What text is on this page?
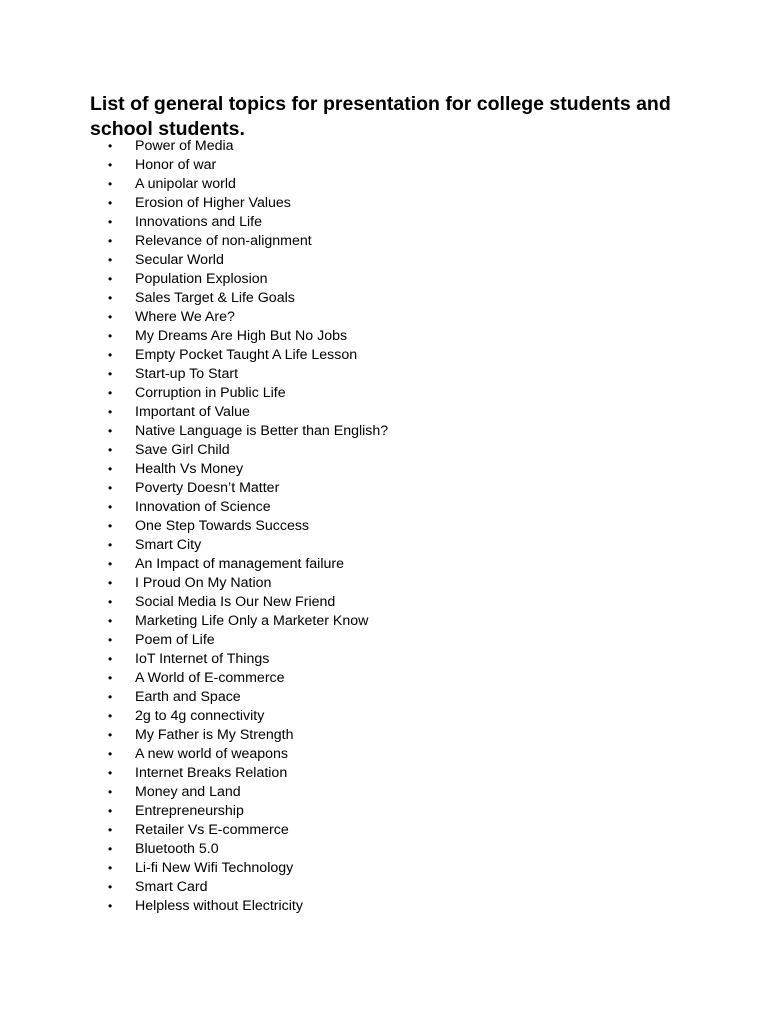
List of general topics for presentation for college students and school students.
• Power of Media
• Honor of war
• A unipolar world
• Erosion of Higher Values
• Innovations and Life
• Relevance of non-alignment
• Secular World
• Population Explosion
• Sales Target & Life Goals
• Where We Are?
• My Dreams Are High But No Jobs
• Empty Pocket Taught A Life Lesson
• Start-up To Start
• Corruption in Public Life
• Important of Value
• Native Language is Better than English?
• Save Girl Child
• Health Vs Money
• Poverty Doesn’t Matter
• Innovation of Science
• One Step Towards Success
• Smart City
• An Impact of management failure
• I Proud On My Nation
• Social Media Is Our New Friend
• Marketing Life Only a Marketer Know
• Poem of Life
• IoT Internet of Things
• A World of E-commerce
• Earth and Space
• 2g to 4g connectivity
• My Father is My Strength
• A new world of weapons
• Internet Breaks Relation
• Money and Land
• Entrepreneurship
• Retailer Vs E-commerce
• Bluetooth 5.0
• Li-fi New Wifi Technology
• Smart Card
• Helpless without Electricity
